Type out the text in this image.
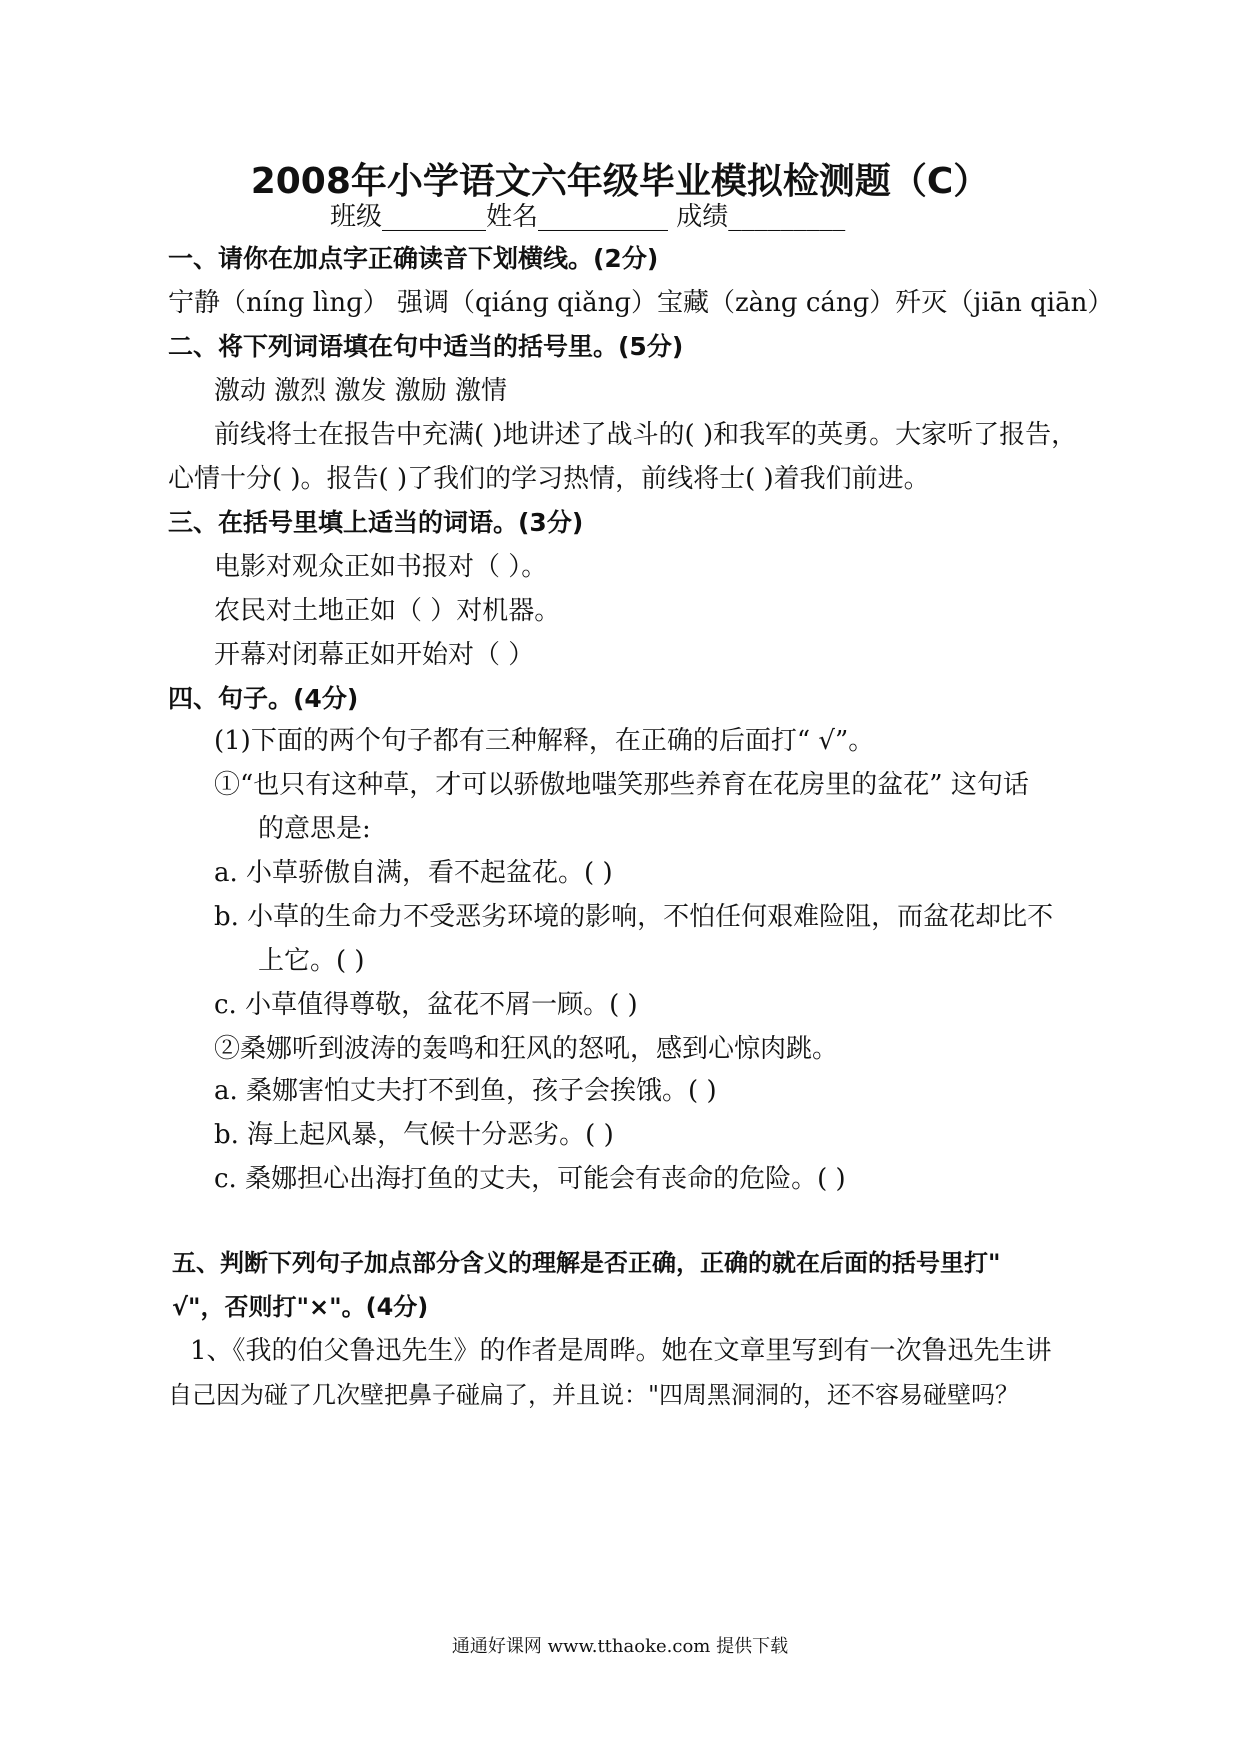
2008年小学语文六年级毕业模拟检测题（C）
班级________姓名__________ 成绩_________
一、请你在加点字正确读音下划横线。(2分)
宁静（nínɡ lìnɡ） 强调（qiánɡ qiǎnɡ）宝藏（zànɡ cánɡ）歼灭（jiān qiān）
二、将下列词语填在句中适当的括号里。(5分)
激动 激烈 激发 激励 激情
前线将士在报告中充满( )地讲述了战斗的( )和我军的英勇。大家听了报告，
心情十分( )。报告( )了我们的学习热情，前线将士( )着我们前进。
三、在括号里填上适当的词语。(3分)
电影对观众正如书报对（ ）。
农民对土地正如（ ）对机器。
开幕对闭幕正如开始对（ ）
四、句子。(4分)
(1)下面的两个句子都有三种解释，在正确的后面打“ √”。
①“也只有这种草，才可以骄傲地嗤笑那些养育在花房里的盆花” 这句话
的意思是:
a. 小草骄傲自满，看不起盆花。( )
b. 小草的生命力不受恶劣环境的影响，不怕任何艰难险阻，而盆花却比不
上它。( )
c. 小草值得尊敬，盆花不屑一顾。( )
②桑娜听到波涛的轰鸣和狂风的怒吼，感到心惊肉跳。
a. 桑娜害怕丈夫打不到鱼，孩子会挨饿。( )
b. 海上起风暴，气候十分恶劣。( )
c. 桑娜担心出海打鱼的丈夫，可能会有丧命的危险。( )
五、判断下列句子加点部分含义的理解是否正确，正确的就在后面的括号里打"
√"，否则打"×"。(4分)
1、《我的伯父鲁迅先生》的作者是周晔。她在文章里写到有一次鲁迅先生讲
自己因为碰了几次壁把鼻子碰扁了，并且说："四周黑洞洞的，还不容易碰壁吗？
通通好课网 www.tthaoke.com 提供下载
